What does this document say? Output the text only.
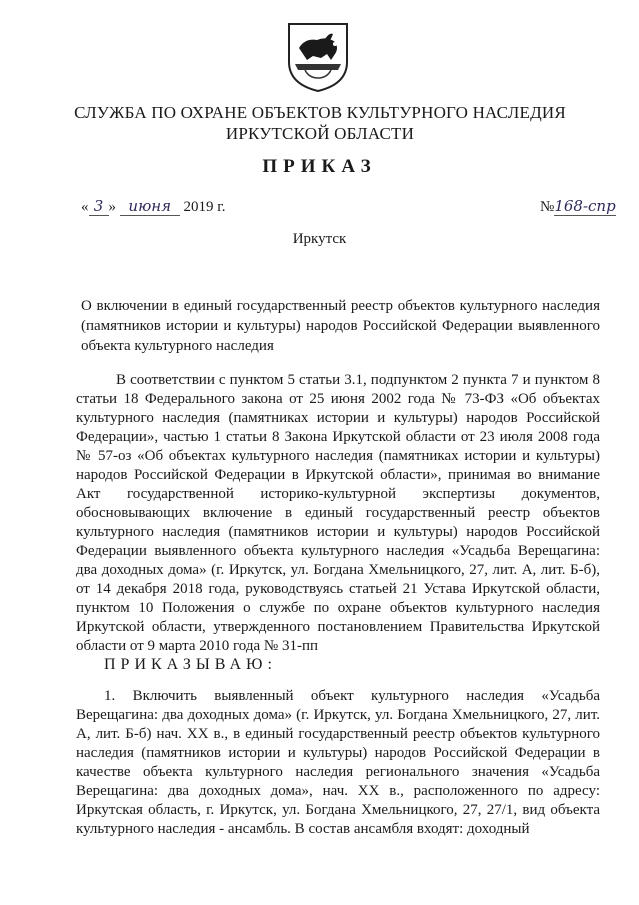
СЛУЖБА ПО ОХРАНЕ ОБЪЕКТОВ КУЛЬТУРНОГО НАСЛЕДИЯ
ИРКУТСКОЙ ОБЛАСТИ
ПРИКАЗ
« 3 » июня 2019 г.	№168-спр
Иркутск
О включении в единый государственный реестр объектов культурного наследия (памятников истории и культуры) народов Российской Федерации выявленного объекта культурного наследия
В соответствии с пунктом 5 статьи 3.1, подпунктом 2 пункта 7 и пунктом 8 статьи 18 Федерального закона от 25 июня 2002 года № 73-ФЗ «Об объектах культурного наследия (памятниках истории и культуры) народов Российской Федерации», частью 1 статьи 8 Закона Иркутской области от 23 июля 2008 года № 57-оз «Об объектах культурного наследия (памятниках истории и культуры) народов Российской Федерации в Иркутской области», принимая во внимание Акт государственной историко-культурной экспертизы документов, обосновывающих включение в единый государственный реестр объектов культурного наследия (памятников истории и культуры) народов Российской Федерации выявленного объекта культурного наследия «Усадьба Верещагина: два доходных дома» (г. Иркутск, ул. Богдана Хмельницкого, 27, лит. А, лит. Б-б), от 14 декабря 2018 года, руководствуясь статьей 21 Устава Иркутской области, пунктом 10 Положения о службе по охране объектов культурного наследия Иркутской области, утвержденного постановлением Правительства Иркутской области от 9 марта 2010 года № 31-пп
ПРИКАЗЫВАЮ:
1. Включить выявленный объект культурного наследия «Усадьба Верещагина: два доходных дома» (г. Иркутск, ул. Богдана Хмельницкого, 27, лит. А, лит. Б-б) нач. XX в., в единый государственный реестр объектов культурного наследия (памятников истории и культуры) народов Российской Федерации в качестве объекта культурного наследия регионального значения «Усадьба Верещагина: два доходных дома», нач. XX в., расположенного по адресу: Иркутская область, г. Иркутск, ул. Богдана Хмельницкого, 27, 27/1, вид объекта культурного наследия - ансамбль. В состав ансамбля входят: доходный
